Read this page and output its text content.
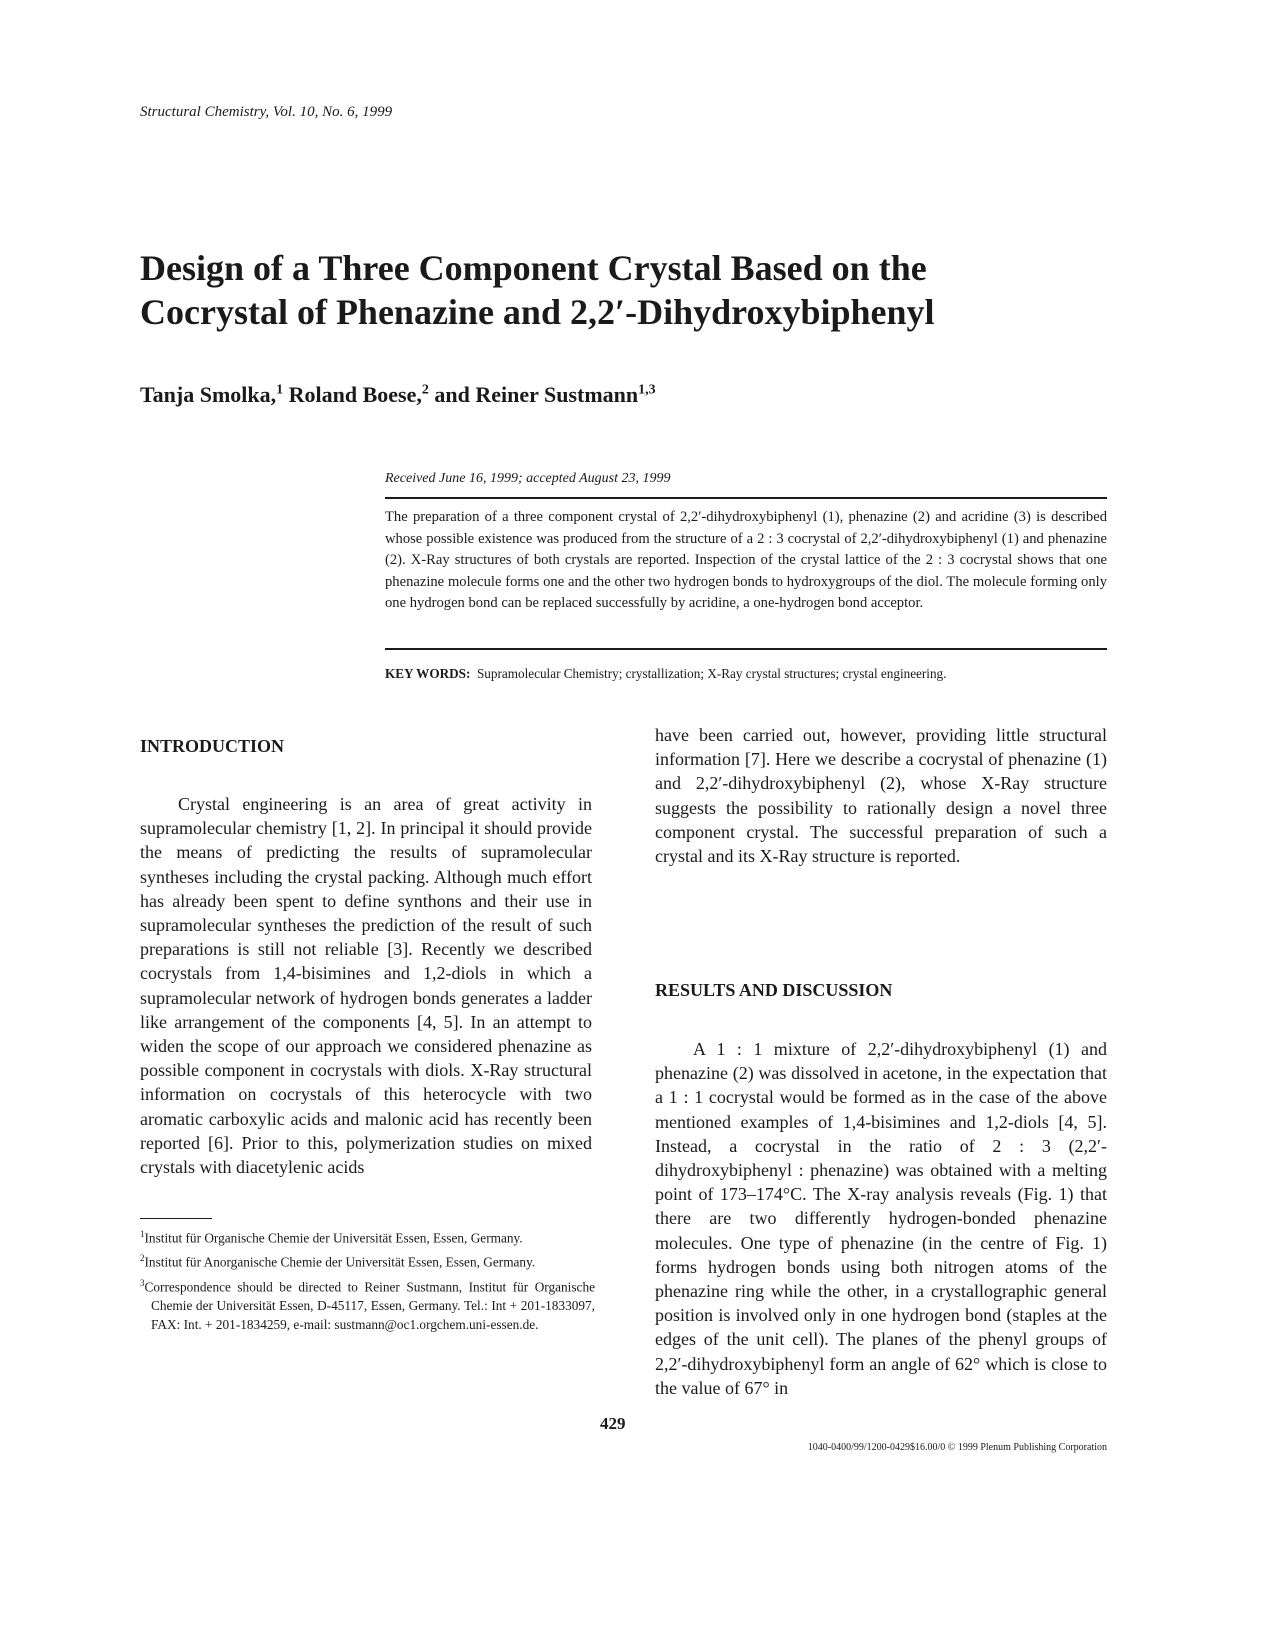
Structural Chemistry, Vol. 10, No. 6, 1999
Design of a Three Component Crystal Based on the
Cocrystal of Phenazine and 2,2′-Dihydroxybiphenyl
Tanja Smolka,$^1$ Roland Boese,$^2$ and Reiner Sustmann$^{1,3}$
Received June 16, 1999; accepted August 23, 1999
The preparation of a three component crystal of 2,2′-dihydroxybiphenyl (1), phenazine (2) and acridine (3) is described whose possible existence was produced from the structure of a 2 : 3 cocrystal of 2,2′-dihydroxybiphenyl (1) and phenazine (2). X-Ray structures of both crystals are reported. Inspection of the crystal lattice of the 2 : 3 cocrystal shows that one phenazine molecule forms one and the other two hydrogen bonds to hydroxygroups of the diol. The molecule forming only one hydrogen bond can be replaced successfully by acridine, a one-hydrogen bond acceptor.
KEY WORDS: Supramolecular Chemistry; crystallization; X-Ray crystal structures; crystal engineering.
INTRODUCTION

Crystal engineering is an area of great activity in supramolecular chemistry [1, 2]. In principal it should provide the means of predicting the results of supramolecular syntheses including the crystal packing. Although much effort has already been spent to define synthons and their use in supramolecular syntheses the prediction of the result of such preparations is still not reliable [3]. Recently we described cocrystals from 1,4-bisimines and 1,2-diols in which a supramolecular network of hydrogen bonds generates a ladder like arrangement of the components [4, 5]. In an attempt to widen the scope of our approach we considered phenazine as possible component in cocrystals with diols. X-Ray structural information on cocrystals of this heterocycle with two aromatic carboxylic acids and malonic acid has recently been reported [6]. Prior to this, polymerization studies on mixed crystals with diacetylenic acids

have been carried out, however, providing little structural information [7]. Here we describe a cocrystal of phenazine (1) and 2,2′-dihydroxybiphenyl (2), whose X-Ray structure suggests the possibility to rationally design a novel three component crystal. The successful preparation of such a crystal and its X-Ray structure is reported.

RESULTS AND DISCUSSION

A 1 : 1 mixture of 2,2′-dihydroxybiphenyl (1) and phenazine (2) was dissolved in acetone, in the expectation that a 1 : 1 cocrystal would be formed as in the case of the above mentioned examples of 1,4-bisimines and 1,2-diols [4, 5]. Instead, a cocrystal in the ratio of 2 : 3 (2,2′-dihydroxybiphenyl : phenazine) was obtained with a melting point of 173–174°C. The X-ray analysis reveals (Fig. 1) that there are two differently hydrogen-bonded phenazine molecules. One type of phenazine (in the centre of Fig. 1) forms hydrogen bonds using both nitrogen atoms of the phenazine ring while the other, in a crystallographic general position is involved only in one hydrogen bond (staples at the edges of the unit cell). The planes of the phenyl groups of 2,2′-dihydroxybiphenyl form an angle of 62° which is close to the value of 67° in

$^1$Institut für Organische Chemie der Universität Essen, Essen, Germany.

$^2$Institut für Anorganische Chemie der Universität Essen, Essen, Germany.

$^3$Correspondence should be directed to Reiner Sustmann, Institut für Organische Chemie der Universität Essen, D-45117, Essen, Germany. Tel.: Int + 201-1833097, FAX: Int. + 201-1834259, e-mail: sustmann@oc1.orgchem.uni-essen.de.

429
1040-0400/99/1200-0429$16.00/0 © 1999 Plenum Publishing Corporation
